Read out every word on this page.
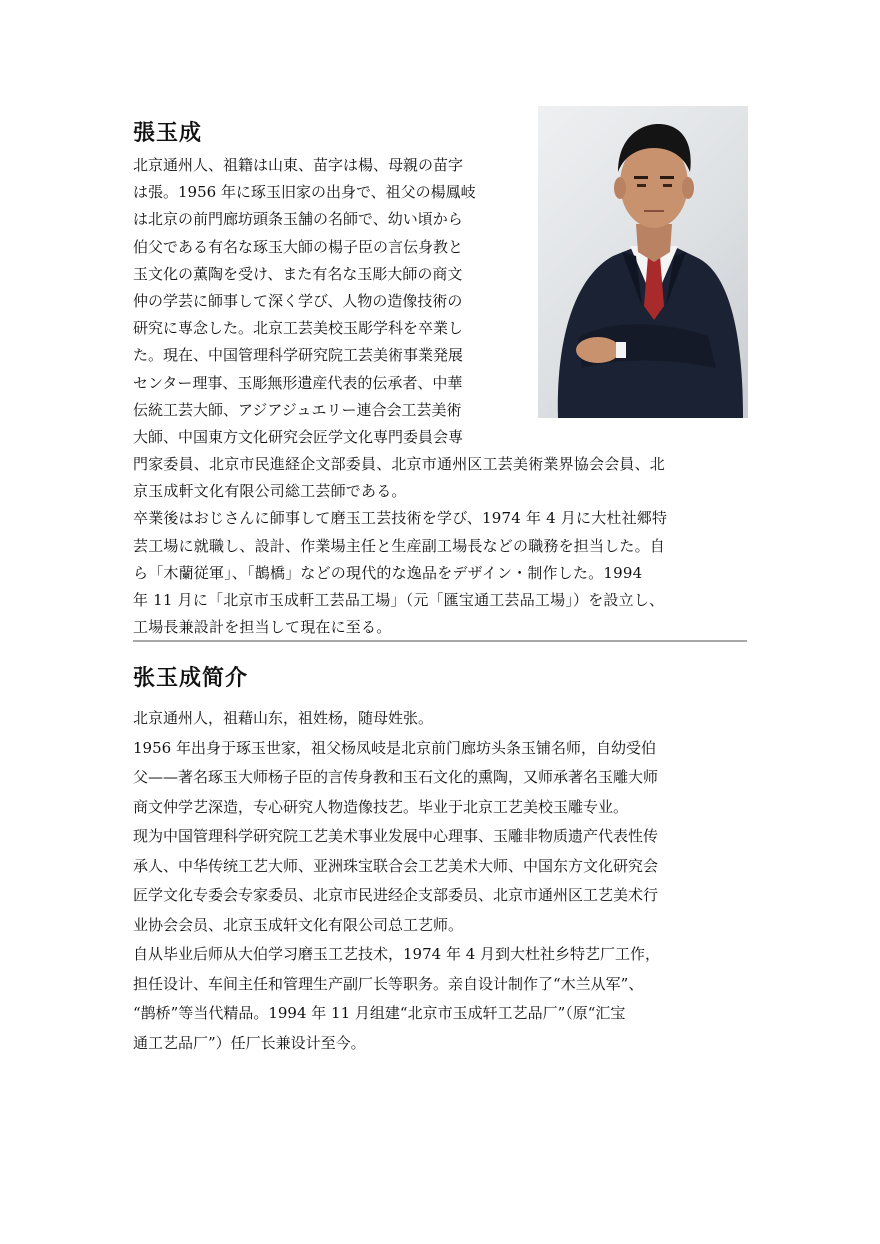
張玉成
北京通州人、祖籍は山東、苗字は楊、母親の苗字
は張。1956 年に琢玉旧家の出身で、祖父の楊鳳岐
は北京の前門廊坊頭条玉舗の名師で、幼い頃から
伯父である有名な琢玉大師の楊子臣の言伝身教と
玉文化の薫陶を受け、また有名な玉彫大師の商文
仲の学芸に師事して深く学び、人物の造像技術の
研究に専念した。北京工芸美校玉彫学科を卒業し
た。現在、中国管理科学研究院工芸美術事業発展
センター理事、玉彫無形遺産代表的伝承者、中華
伝統工芸大師、アジアジュエリー連合会工芸美術
大師、中国東方文化研究会匠学文化専門委員会専
門家委員、北京市民進経企文部委員、北京市通州区工芸美術業界協会会員、北
京玉成軒文化有限公司総工芸師である。
卒業後はおじさんに師事して磨玉工芸技術を学び、1974 年 4 月に大杜社郷特
芸工場に就職し、設計、作業場主任と生産副工場長などの職務を担当した。自
ら「木蘭従軍」、「鵲橋」などの現代的な逸品をデザイン・制作した。1994
年 11 月に「北京市玉成軒工芸品工場」（元「匯宝通工芸品工場」）を設立し、
工場長兼設計を担当して現在に至る。
张玉成简介
北京通州人，祖藉山东，祖姓杨，随母姓张。
1956 年出身于琢玉世家，祖父杨凤岐是北京前门廊坊头条玉铺名师，自幼受伯
父——著名琢玉大师杨子臣的言传身教和玉石文化的熏陶，又师承著名玉雕大师
商文仲学艺深造，专心研究人物造像技艺。毕业于北京工艺美校玉雕专业。
现为中国管理科学研究院工艺美术事业发展中心理事、玉雕非物质遗产代表性传
承人、中华传统工艺大师、亚洲珠宝联合会工艺美术大师、中国东方文化研究会
匠学文化专委会专家委员、北京市民进经企支部委员、北京市通州区工艺美术行
业协会会员、北京玉成轩文化有限公司总工艺师。
自从毕业后师从大伯学习磨玉工艺技术，1974 年 4 月到大杜社乡特艺厂工作，
担任设计、车间主任和管理生产副厂长等职务。亲自设计制作了“木兰从军”、
“鹊桥”等当代精品。1994 年 11 月组建“北京市玉成轩工艺品厂”（原“汇宝
通工艺品厂”）任厂长兼设计至今。
